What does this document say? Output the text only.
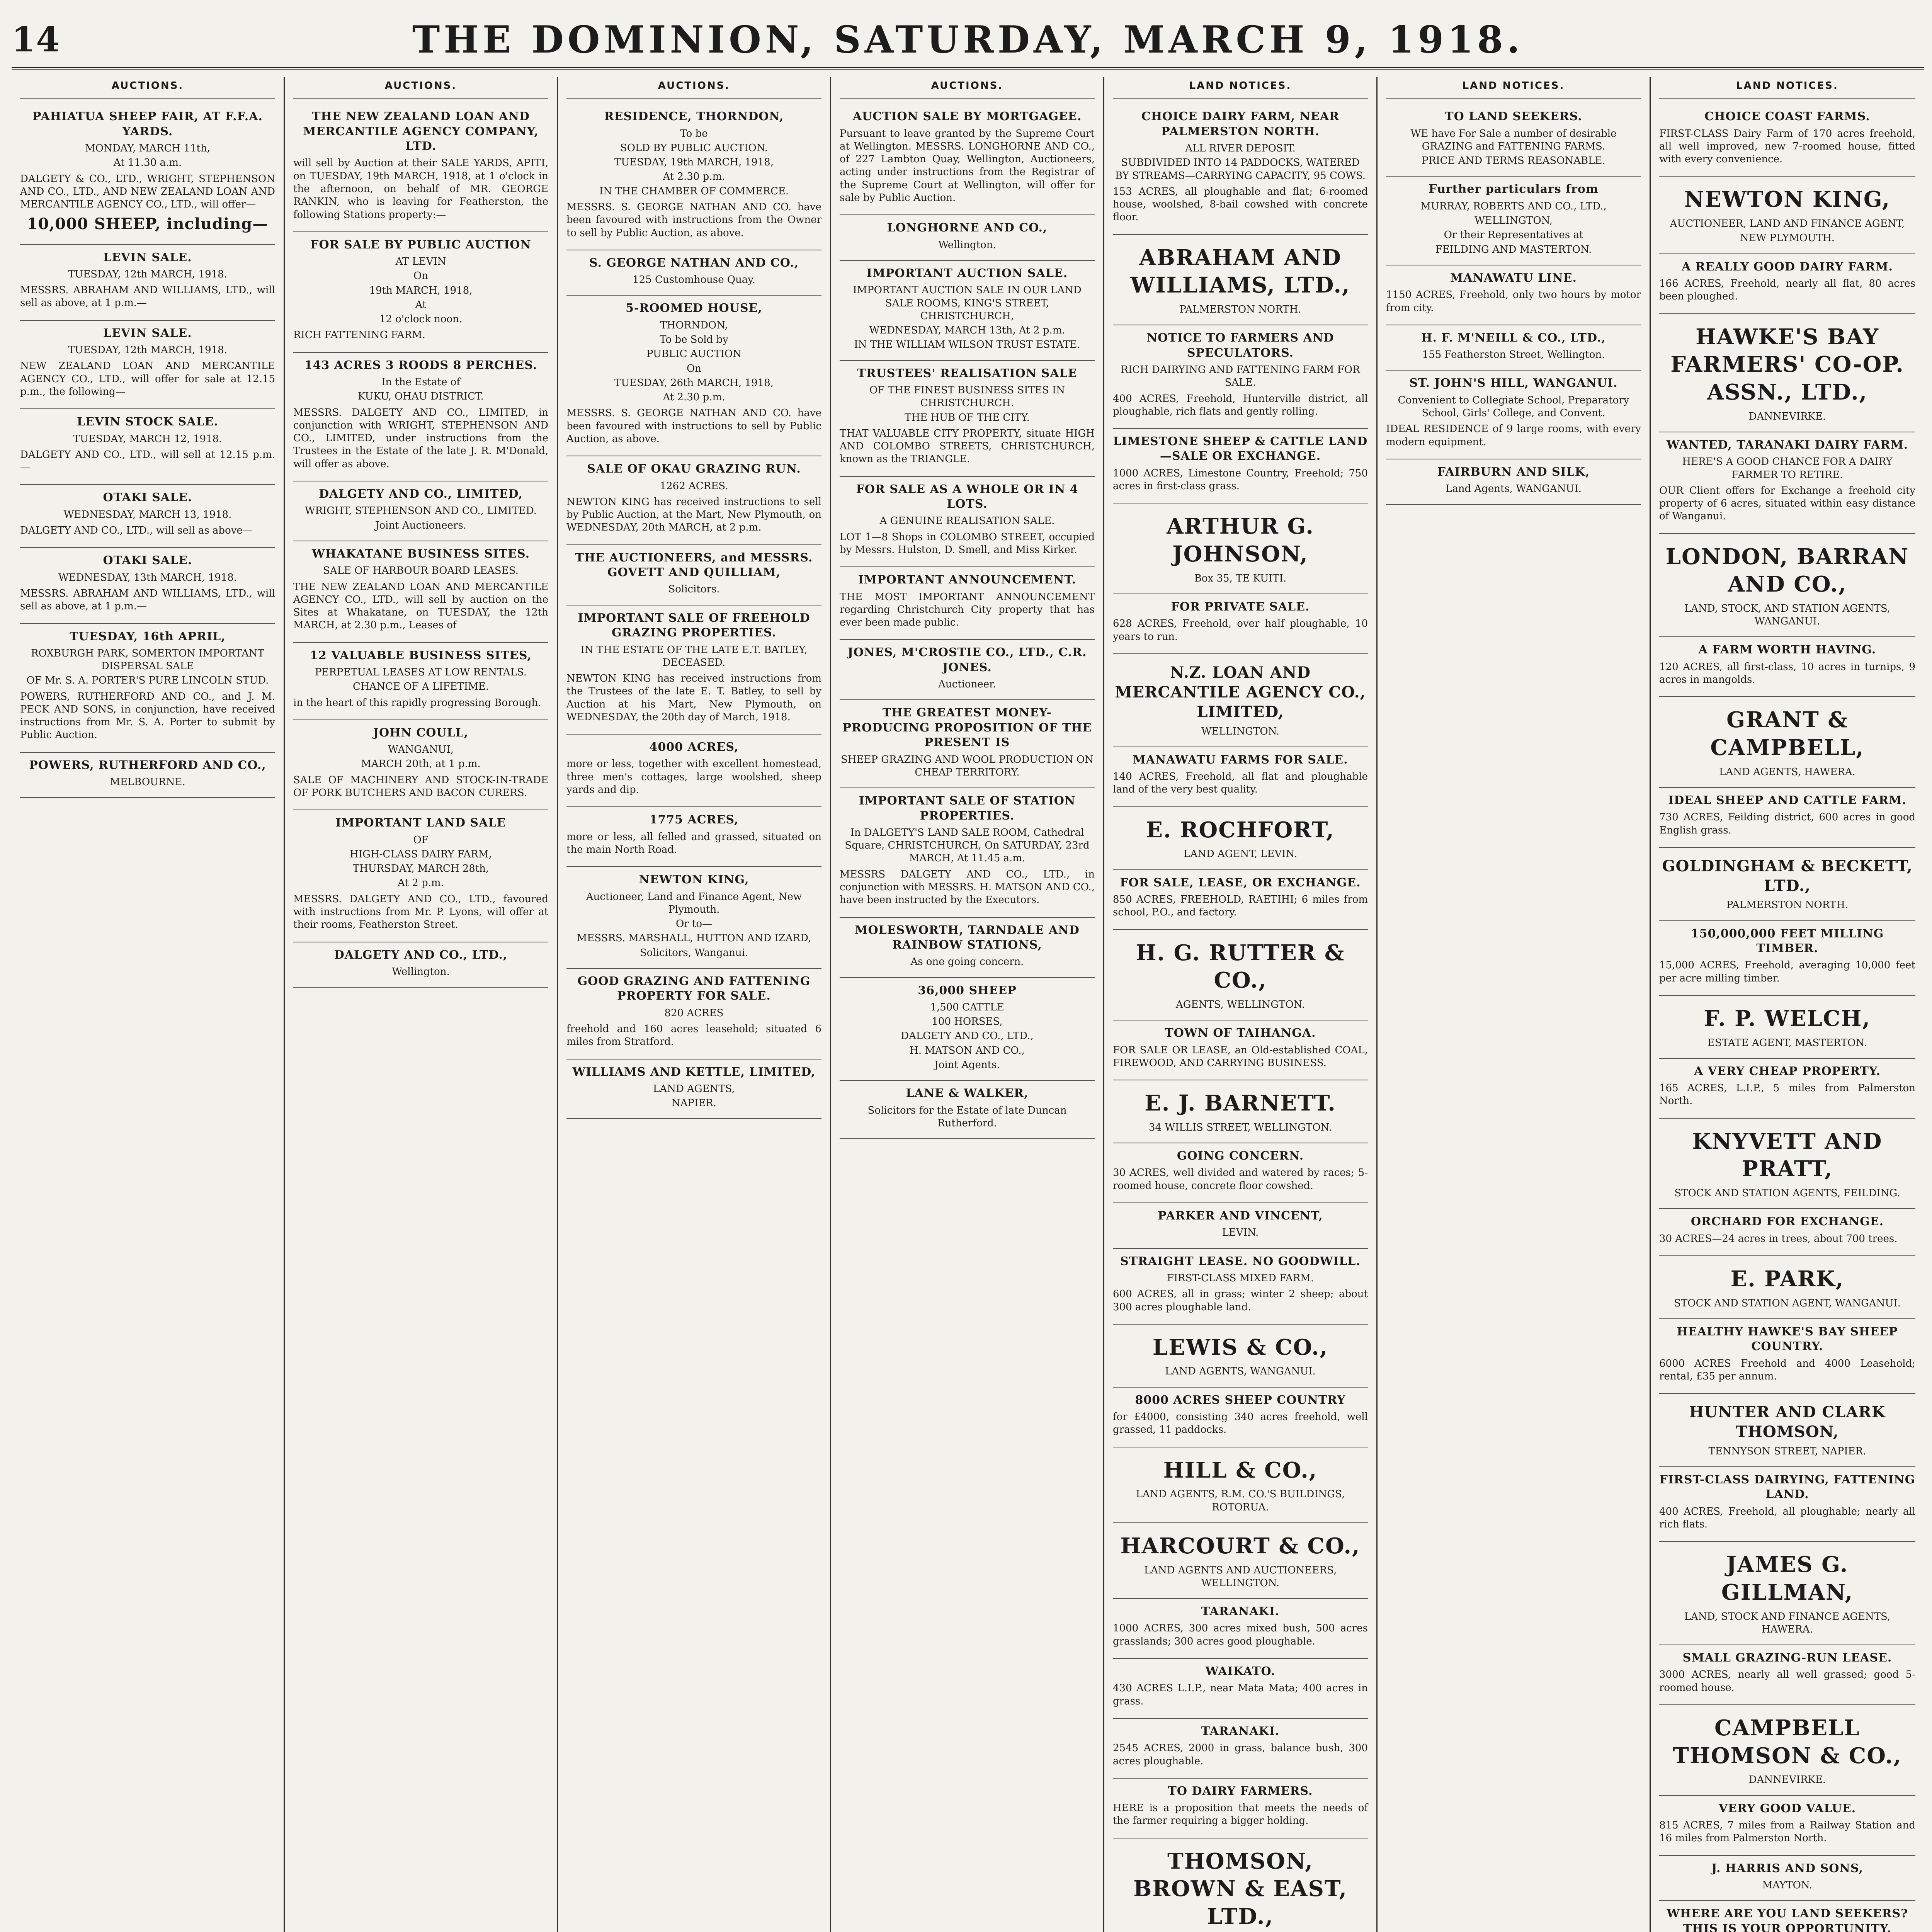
14	THE DOMINION, SATURDAY, MARCH 9, 1918.
AUCTIONS.
PAHIATUA SHEEP FAIR, AT F.F.A. YARDS.
MONDAY, MARCH 11th,
At 11.30 a.m.
DALGETY & CO., LTD., WRIGHT, STEPHENSON AND CO., LTD., AND NEW ZEALAND LOAN AND MERCANTILE AGENCY CO., LTD., will offer—
10,000 SHEEP, including—
LEVIN SALE.
TUESDAY, 12th MARCH, 1918.
MESSRS. ABRAHAM AND WILLIAMS, LTD., will sell as above, at 1 p.m.—
LEVIN SALE.
TUESDAY, 12th MARCH, 1918.
NEW ZEALAND LOAN AND MERCANTILE AGENCY CO., LTD., will offer for sale at 12.15 p.m., the following—
LEVIN STOCK SALE.
TUESDAY, MARCH 12, 1918.
DALGETY AND CO., LTD., will sell at 12.15 p.m.—
OTAKI SALE.
WEDNESDAY, MARCH 13, 1918.
DALGETY AND CO., LTD., will sell as above—
OTAKI SALE.
WEDNESDAY, 13th MARCH, 1918.
MESSRS. ABRAHAM AND WILLIAMS, LTD., will sell as above, at 1 p.m.—
TUESDAY, 16th APRIL,
ROXBURGH PARK, SOMERTON IMPORTANT DISPERSAL SALE
OF Mr. S. A. PORTER'S PURE LINCOLN STUD.
POWERS, RUTHERFORD AND CO., and J. M. PECK AND SONS, in conjunction, have received instructions from Mr. S. A. Porter to submit by Public Auction.
POWERS, RUTHERFORD AND CO.,
MELBOURNE.
AUCTIONS.
THE NEW ZEALAND LOAN AND MERCANTILE AGENCY COMPANY, LTD.
will sell by Auction at their SALE YARDS, APITI, on TUESDAY, 19th MARCH, 1918, at 1 o'clock in the afternoon, on behalf of MR. GEORGE RANKIN, who is leaving for Featherston, the following Stations property:—
FOR SALE BY PUBLIC AUCTION
AT LEVIN
On
19th MARCH, 1918,
At
12 o'clock noon.
RICH FATTENING FARM.
143 ACRES 3 ROODS 8 PERCHES.
In the Estate of
KUKU, OHAU DISTRICT.
MESSRS. DALGETY AND CO., LIMITED, in conjunction with WRIGHT, STEPHENSON AND CO., LIMITED, under instructions from the Trustees in the Estate of the late J. R. M'Donald, will offer as above.
DALGETY AND CO., LIMITED,
WRIGHT, STEPHENSON AND CO., LIMITED.
Joint Auctioneers.
WHAKATANE BUSINESS SITES.
SALE OF HARBOUR BOARD LEASES.
THE NEW ZEALAND LOAN AND MERCANTILE AGENCY CO., LTD., will sell by auction on the Sites at Whakatane, on TUESDAY, the 12th MARCH, at 2.30 p.m., Leases of
12 VALUABLE BUSINESS SITES,
PERPETUAL LEASES AT LOW RENTALS.
CHANCE OF A LIFETIME.
in the heart of this rapidly progressing Borough.
JOHN COULL,
WANGANUI,
MARCH 20th, at 1 p.m.
SALE OF MACHINERY AND STOCK-IN-TRADE OF PORK BUTCHERS AND BACON CURERS.
IMPORTANT LAND SALE
OF
HIGH-CLASS DAIRY FARM,
THURSDAY, MARCH 28th,
At 2 p.m.
MESSRS. DALGETY AND CO., LTD., favoured with instructions from Mr. P. Lyons, will offer at their rooms, Featherston Street.
DALGETY AND CO., LTD.,
Wellington.
AUCTIONS.
RESIDENCE, THORNDON,
To be
SOLD BY PUBLIC AUCTION.
TUESDAY, 19th MARCH, 1918,
At 2.30 p.m.
IN THE CHAMBER OF COMMERCE.
MESSRS. S. GEORGE NATHAN AND CO. have been favoured with instructions from the Owner to sell by Public Auction, as above.
S. GEORGE NATHAN AND CO.,
125 Customhouse Quay.
5-ROOMED HOUSE,
THORNDON,
To be Sold by
PUBLIC AUCTION
On
TUESDAY, 26th MARCH, 1918,
At 2.30 p.m.
MESSRS. S. GEORGE NATHAN AND CO. have been favoured with instructions to sell by Public Auction, as above.
SALE OF OKAU GRAZING RUN.
1262 ACRES.
NEWTON KING has received instructions to sell by Public Auction, at the Mart, New Plymouth, on WEDNESDAY, 20th MARCH, at 2 p.m.
THE AUCTIONEERS, and MESSRS. GOVETT AND QUILLIAM,
Solicitors.
IMPORTANT SALE OF FREEHOLD GRAZING PROPERTIES.
IN THE ESTATE OF THE LATE E.T. BATLEY, DECEASED.
NEWTON KING has received instructions from the Trustees of the late E. T. Batley, to sell by Auction at his Mart, New Plymouth, on WEDNESDAY, the 20th day of March, 1918.
4000 ACRES,
more or less, together with excellent homestead, three men's cottages, large woolshed, sheep yards and dip.
1775 ACRES,
more or less, all felled and grassed, situated on the main North Road.
NEWTON KING,
Auctioneer, Land and Finance Agent, New Plymouth.
Or to—
MESSRS. MARSHALL, HUTTON AND IZARD,
Solicitors, Wanganui.
GOOD GRAZING AND FATTENING PROPERTY FOR SALE.
820 ACRES
freehold and 160 acres leasehold; situated 6 miles from Stratford.
WILLIAMS AND KETTLE, LIMITED,
LAND AGENTS,
NAPIER.
AUCTIONS.
AUCTION SALE BY MORTGAGEE.
Pursuant to leave granted by the Supreme Court at Wellington. MESSRS. LONGHORNE AND CO., of 227 Lambton Quay, Wellington, Auctioneers, acting under instructions from the Registrar of the Supreme Court at Wellington, will offer for sale by Public Auction.
LONGHORNE AND CO.,
Wellington.
IMPORTANT AUCTION SALE.
IMPORTANT AUCTION SALE IN OUR LAND SALE ROOMS, KING'S STREET, CHRISTCHURCH,
WEDNESDAY, MARCH 13th, At 2 p.m.
IN THE WILLIAM WILSON TRUST ESTATE.
TRUSTEES' REALISATION SALE
OF THE FINEST BUSINESS SITES IN CHRISTCHURCH.
THE HUB OF THE CITY.
THAT VALUABLE CITY PROPERTY, situate HIGH AND COLOMBO STREETS, CHRISTCHURCH, known as the TRIANGLE.
FOR SALE AS A WHOLE OR IN 4 LOTS.
A GENUINE REALISATION SALE.
LOT 1—8 Shops in COLOMBO STREET, occupied by Messrs. Hulston, D. Smell, and Miss Kirker.
IMPORTANT ANNOUNCEMENT.
THE MOST IMPORTANT ANNOUNCEMENT regarding Christchurch City property that has ever been made public.
JONES, M'CROSTIE CO., LTD., C.R. JONES.
Auctioneer.
THE GREATEST MONEY-PRODUCING PROPOSITION OF THE PRESENT IS
SHEEP GRAZING AND WOOL PRODUCTION ON CHEAP TERRITORY.
IMPORTANT SALE OF STATION PROPERTIES.
In DALGETY'S LAND SALE ROOM, Cathedral Square, CHRISTCHURCH, On SATURDAY, 23rd MARCH, At 11.45 a.m.
MESSRS DALGETY AND CO., LTD., in conjunction with MESSRS. H. MATSON AND CO., have been instructed by the Executors.
MOLESWORTH, TARNDALE AND RAINBOW STATIONS,
As one going concern.
36,000 SHEEP
1,500 CATTLE
100 HORSES,
DALGETY AND CO., LTD.,
H. MATSON AND CO.,
Joint Agents.
LANE & WALKER,
Solicitors for the Estate of late Duncan Rutherford.
LAND NOTICES.
CHOICE DAIRY FARM, NEAR PALMERSTON NORTH.
ALL RIVER DEPOSIT.
SUBDIVIDED INTO 14 PADDOCKS, WATERED BY STREAMS—CARRYING CAPACITY, 95 COWS.
153 ACRES, all ploughable and flat; 6-roomed house, woolshed, 8-bail cowshed with concrete floor.
ABRAHAM AND WILLIAMS, LTD.,
PALMERSTON NORTH.
NOTICE TO FARMERS AND SPECULATORS.
RICH DAIRYING AND FATTENING FARM FOR SALE.
400 ACRES, Freehold, Hunterville district, all ploughable, rich flats and gently rolling.
LIMESTONE SHEEP & CATTLE LAND—SALE OR EXCHANGE.
1000 ACRES, Limestone Country, Freehold; 750 acres in first-class grass.
ARTHUR G. JOHNSON,
Box 35, TE KUITI.
FOR PRIVATE SALE.
628 ACRES, Freehold, over half ploughable, 10 years to run.
N.Z. LOAN AND MERCANTILE AGENCY CO., LIMITED,
WELLINGTON.
MANAWATU FARMS FOR SALE.
140 ACRES, Freehold, all flat and ploughable land of the very best quality.
E. ROCHFORT,
LAND AGENT, LEVIN.
FOR SALE, LEASE, OR EXCHANGE.
850 ACRES, FREEHOLD, RAETIHI; 6 miles from school, P.O., and factory.
H. G. RUTTER & CO.,
AGENTS, WELLINGTON.
TOWN OF TAIHANGA.
FOR SALE OR LEASE, an Old-established COAL, FIREWOOD, AND CARRYING BUSINESS.
E. J. BARNETT.
34 WILLIS STREET, WELLINGTON.
GOING CONCERN.
30 ACRES, well divided and watered by races; 5-roomed house, concrete floor cowshed.
PARKER AND VINCENT,
LEVIN.
STRAIGHT LEASE. NO GOODWILL.
FIRST-CLASS MIXED FARM.
600 ACRES, all in grass; winter 2 sheep; about 300 acres ploughable land.
LEWIS & CO.,
LAND AGENTS, WANGANUI.
8000 ACRES SHEEP COUNTRY
for £4000, consisting 340 acres freehold, well grassed, 11 paddocks.
HILL & CO.,
LAND AGENTS, R.M. CO.'S BUILDINGS, ROTORUA.
HARCOURT & CO.,
LAND AGENTS AND AUCTIONEERS, WELLINGTON.
TARANAKI.
1000 ACRES, 300 acres mixed bush, 500 acres grasslands; 300 acres good ploughable.
WAIKATO.
430 ACRES L.I.P., near Mata Mata; 400 acres in grass.
TARANAKI.
2545 ACRES, 2000 in grass, balance bush, 300 acres ploughable.
TO DAIRY FARMERS.
HERE is a proposition that meets the needs of the farmer requiring a bigger holding.
THOMSON, BROWN & EAST, LTD.,
LAND NOTICES.
TO LAND SEEKERS.
WE have For Sale a number of desirable GRAZING and FATTENING FARMS.
PRICE AND TERMS REASONABLE.
Further particulars from
MURRAY, ROBERTS AND CO., LTD.,
WELLINGTON,
Or their Representatives at
FEILDING AND MASTERTON.
MANAWATU LINE.
1150 ACRES, Freehold, only two hours by motor from city.
H. F. M'NEILL & CO., LTD.,
155 Featherston Street, Wellington.
ST. JOHN'S HILL, WANGANUI.
Convenient to Collegiate School, Preparatory School, Girls' College, and Convent.
IDEAL RESIDENCE of 9 large rooms, with every modern equipment.
FAIRBURN AND SILK,
Land Agents, WANGANUI.
LAND NOTICES.
CHOICE COAST FARMS.
FIRST-CLASS Dairy Farm of 170 acres freehold, all well improved, new 7-roomed house, fitted with every convenience.
NEWTON KING,
AUCTIONEER, LAND AND FINANCE AGENT,
NEW PLYMOUTH.
A REALLY GOOD DAIRY FARM.
166 ACRES, Freehold, nearly all flat, 80 acres been ploughed.
HAWKE'S BAY FARMERS' CO-OP. ASSN., LTD.,
DANNEVIRKE.
WANTED, TARANAKI DAIRY FARM.
HERE'S A GOOD CHANCE FOR A DAIRY FARMER TO RETIRE.
OUR Client offers for Exchange a freehold city property of 6 acres, situated within easy distance of Wanganui.
LONDON, BARRAN AND CO.,
LAND, STOCK, AND STATION AGENTS, WANGANUI.
A FARM WORTH HAVING.
120 ACRES, all first-class, 10 acres in turnips, 9 acres in mangolds.
GRANT & CAMPBELL,
LAND AGENTS, HAWERA.
IDEAL SHEEP AND CATTLE FARM.
730 ACRES, Feilding district, 600 acres in good English grass.
GOLDINGHAM & BECKETT, LTD.,
PALMERSTON NORTH.
150,000,000 FEET MILLING TIMBER.
15,000 ACRES, Freehold, averaging 10,000 feet per acre milling timber.
F. P. WELCH,
ESTATE AGENT, MASTERTON.
A VERY CHEAP PROPERTY.
165 ACRES, L.I.P., 5 miles from Palmerston North.
KNYVETT AND PRATT,
STOCK AND STATION AGENTS, FEILDING.
ORCHARD FOR EXCHANGE.
30 ACRES—24 acres in trees, about 700 trees.
E. PARK,
STOCK AND STATION AGENT, WANGANUI.
HEALTHY HAWKE'S BAY SHEEP COUNTRY.
6000 ACRES Freehold and 4000 Leasehold; rental, £35 per annum.
HUNTER AND CLARK THOMSON,
TENNYSON STREET, NAPIER.
FIRST-CLASS DAIRYING, FATTENING LAND.
400 ACRES, Freehold, all ploughable; nearly all rich flats.
JAMES G. GILLMAN,
LAND, STOCK AND FINANCE AGENTS, HAWERA.
SMALL GRAZING-RUN LEASE.
3000 ACRES, nearly all well grassed; good 5-roomed house.
CAMPBELL THOMSON & CO.,
DANNEVIRKE.
VERY GOOD VALUE.
815 ACRES, 7 miles from a Railway Station and 16 miles from Palmerston North.
J. HARRIS AND SONS,
MAYTON.
WHERE ARE YOU LAND SEEKERS? THIS IS YOUR OPPORTUNITY.
